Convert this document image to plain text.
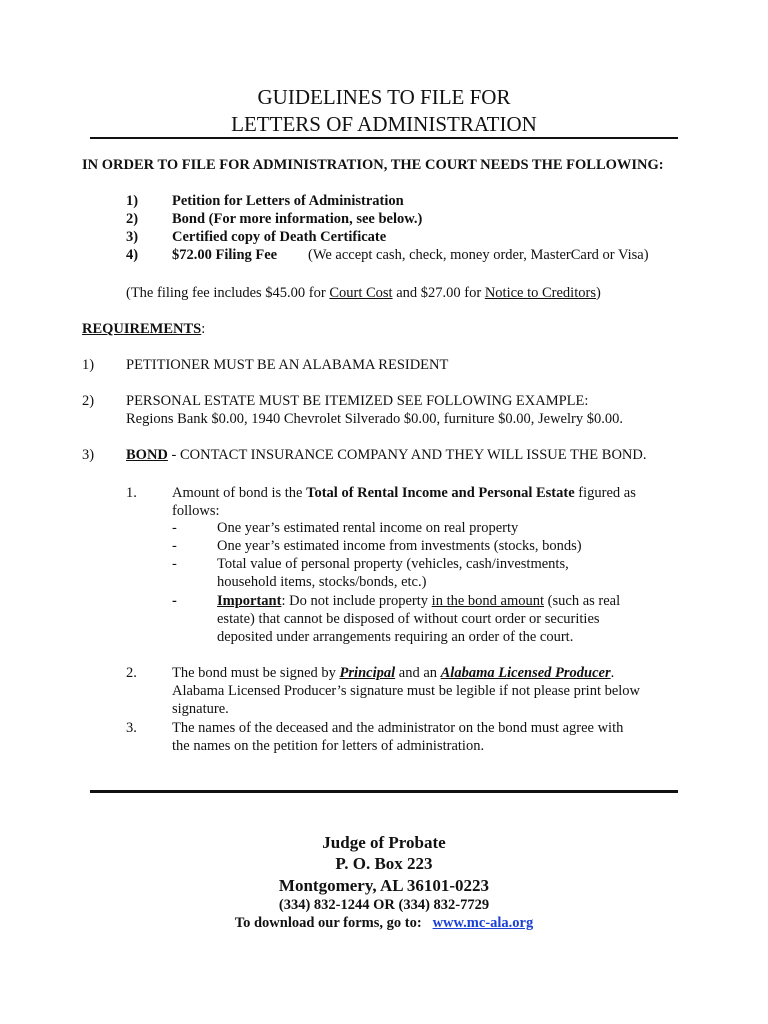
GUIDELINES TO FILE FOR
LETTERS OF ADMINISTRATION
IN ORDER TO FILE FOR ADMINISTRATION, THE COURT NEEDS THE FOLLOWING:
1) Petition for Letters of Administration
2) Bond (For more information, see below.)
3) Certified copy of Death Certificate
4) $72.00 Filing Fee (We accept cash, check, money order, MasterCard or Visa)
(The filing fee includes $45.00 for Court Cost and $27.00 for Notice to Creditors)
REQUIREMENTS:
1) PETITIONER MUST BE AN ALABAMA RESIDENT
2) PERSONAL ESTATE MUST BE ITEMIZED SEE FOLLOWING EXAMPLE:
Regions Bank $0.00, 1940 Chevrolet Silverado $0.00, furniture $0.00, Jewelry $0.00.
3) BOND - CONTACT INSURANCE COMPANY AND THEY WILL ISSUE THE BOND.
1. Amount of bond is the Total of Rental Income and Personal Estate figured as
follows:
-	One year’s estimated rental income on real property
-	One year’s estimated income from investments (stocks, bonds)
-	Total value of personal property (vehicles, cash/investments,
household items, stocks/bonds, etc.)
-	Important: Do not include property in the bond amount (such as real
estate) that cannot be disposed of without court order or securities
deposited under arrangements requiring an order of the court.
2. The bond must be signed by Principal and an Alabama Licensed Producer.
Alabama Licensed Producer’s signature must be legible if not please print below
signature.
3. The names of the deceased and the administrator on the bond must agree with
the names on the petition for letters of administration.
Judge of Probate
P. O. Box 223
Montgomery, AL 36101-0223
(334) 832-1244 OR (334) 832-7729
To download our forms, go to: www.mc-ala.org
